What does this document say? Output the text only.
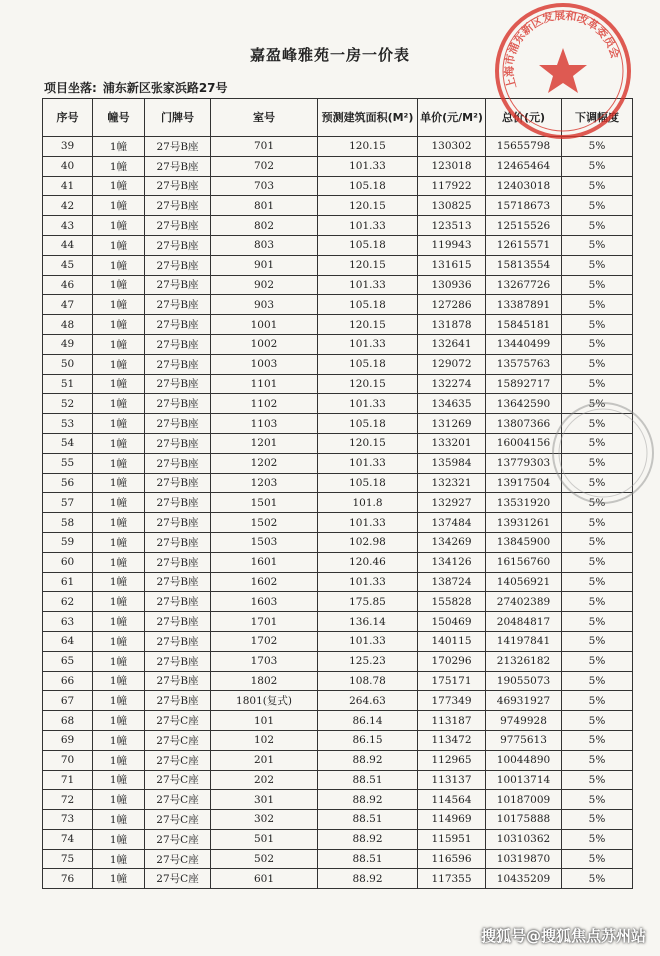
嘉盈峰雅苑一房一价表
项目坐落: 浦东新区张家浜路27号
序号	幢号	门牌号	室号	预测建筑面积(M²)	单价(元/M²)	总价(元)	下调幅度
39	1幢	27号B座	701	120.15	130302	15655798	5%
40	1幢	27号B座	702	101.33	123018	12465464	5%
41	1幢	27号B座	703	105.18	117922	12403018	5%
42	1幢	27号B座	801	120.15	130825	15718673	5%
43	1幢	27号B座	802	101.33	123513	12515526	5%
44	1幢	27号B座	803	105.18	119943	12615571	5%
45	1幢	27号B座	901	120.15	131615	15813554	5%
46	1幢	27号B座	902	101.33	130936	13267726	5%
47	1幢	27号B座	903	105.18	127286	13387891	5%
48	1幢	27号B座	1001	120.15	131878	15845181	5%
49	1幢	27号B座	1002	101.33	132641	13440499	5%
50	1幢	27号B座	1003	105.18	129072	13575763	5%
51	1幢	27号B座	1101	120.15	132274	15892717	5%
52	1幢	27号B座	1102	101.33	134635	13642590	5%
53	1幢	27号B座	1103	105.18	131269	13807366	5%
54	1幢	27号B座	1201	120.15	133201	16004156	5%
55	1幢	27号B座	1202	101.33	135984	13779303	5%
56	1幢	27号B座	1203	105.18	132321	13917504	5%
57	1幢	27号B座	1501	101.8	132927	13531920	5%
58	1幢	27号B座	1502	101.33	137484	13931261	5%
59	1幢	27号B座	1503	102.98	134269	13845900	5%
60	1幢	27号B座	1601	120.46	134126	16156760	5%
61	1幢	27号B座	1602	101.33	138724	14056921	5%
62	1幢	27号B座	1603	175.85	155828	27402389	5%
63	1幢	27号B座	1701	136.14	150469	20484817	5%
64	1幢	27号B座	1702	101.33	140115	14197841	5%
65	1幢	27号B座	1703	125.23	170296	21326182	5%
66	1幢	27号B座	1802	108.78	175171	19055073	5%
67	1幢	27号B座	1801(复式)	264.63	177349	46931927	5%
68	1幢	27号C座	101	86.14	113187	9749928	5%
69	1幢	27号C座	102	86.15	113472	9775613	5%
70	1幢	27号C座	201	88.92	112965	10044890	5%
71	1幢	27号C座	202	88.51	113137	10013714	5%
72	1幢	27号C座	301	88.92	114564	10187009	5%
73	1幢	27号C座	302	88.51	114969	10175888	5%
74	1幢	27号C座	501	88.92	115951	10310362	5%
75	1幢	27号C座	502	88.51	116596	10319870	5%
76	1幢	27号C座	601	88.92	117355	10435209	5%
上海市浦东新区发展和改革委员会
搜狐号@搜狐焦点苏州站
